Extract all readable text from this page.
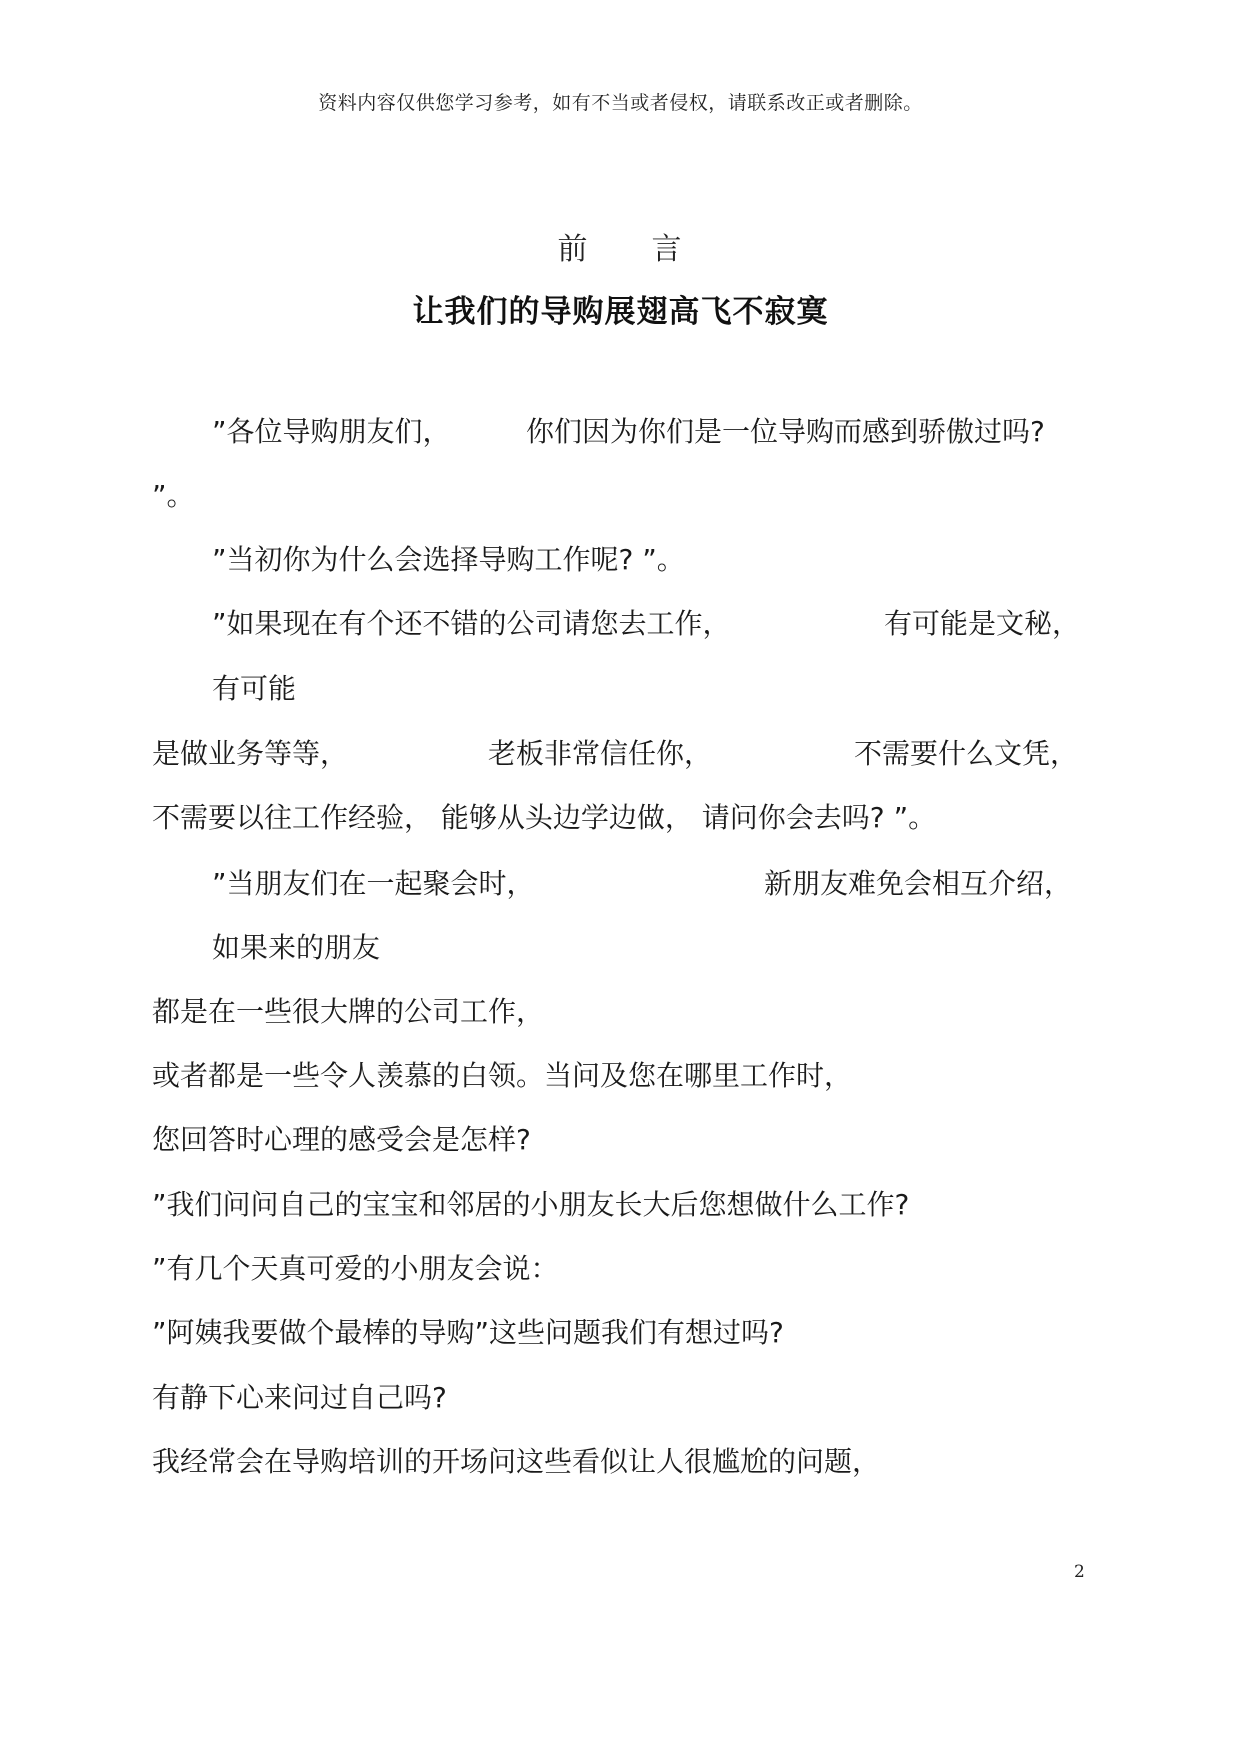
资料内容仅供您学习参考，如有不当或者侵权，请联系改正或者删除。
前 言
让我们的导购展翅高飞不寂寞
”各位导购朋友们，	你们因为你们是一位导购而感到骄傲过吗?
”。
”当初你为什么会选择导购工作呢? ”。
”如果现在有个还不错的公司请您去工作，	有可能是文秘，
有可能
是做业务等等，	老板非常信任你，	不需要什么文凭，
不需要以往工作经验， 能够从头边学边做， 请问你会去吗? ”。
”当朋友们在一起聚会时，	新朋友难免会相互介绍，
如果来的朋友
都是在一些很大牌的公司工作，
或者都是一些令人羡慕的白领。当问及您在哪里工作时，
您回答时心理的感受会是怎样?
”我们问问自己的宝宝和邻居的小朋友长大后您想做什么工作?
”有几个天真可爱的小朋友会说：
”阿姨我要做个最棒的导购”这些问题我们有想过吗?
有静下心来问过自己吗?
我经常会在导购培训的开场问这些看似让人很尴尬的问题，
2
